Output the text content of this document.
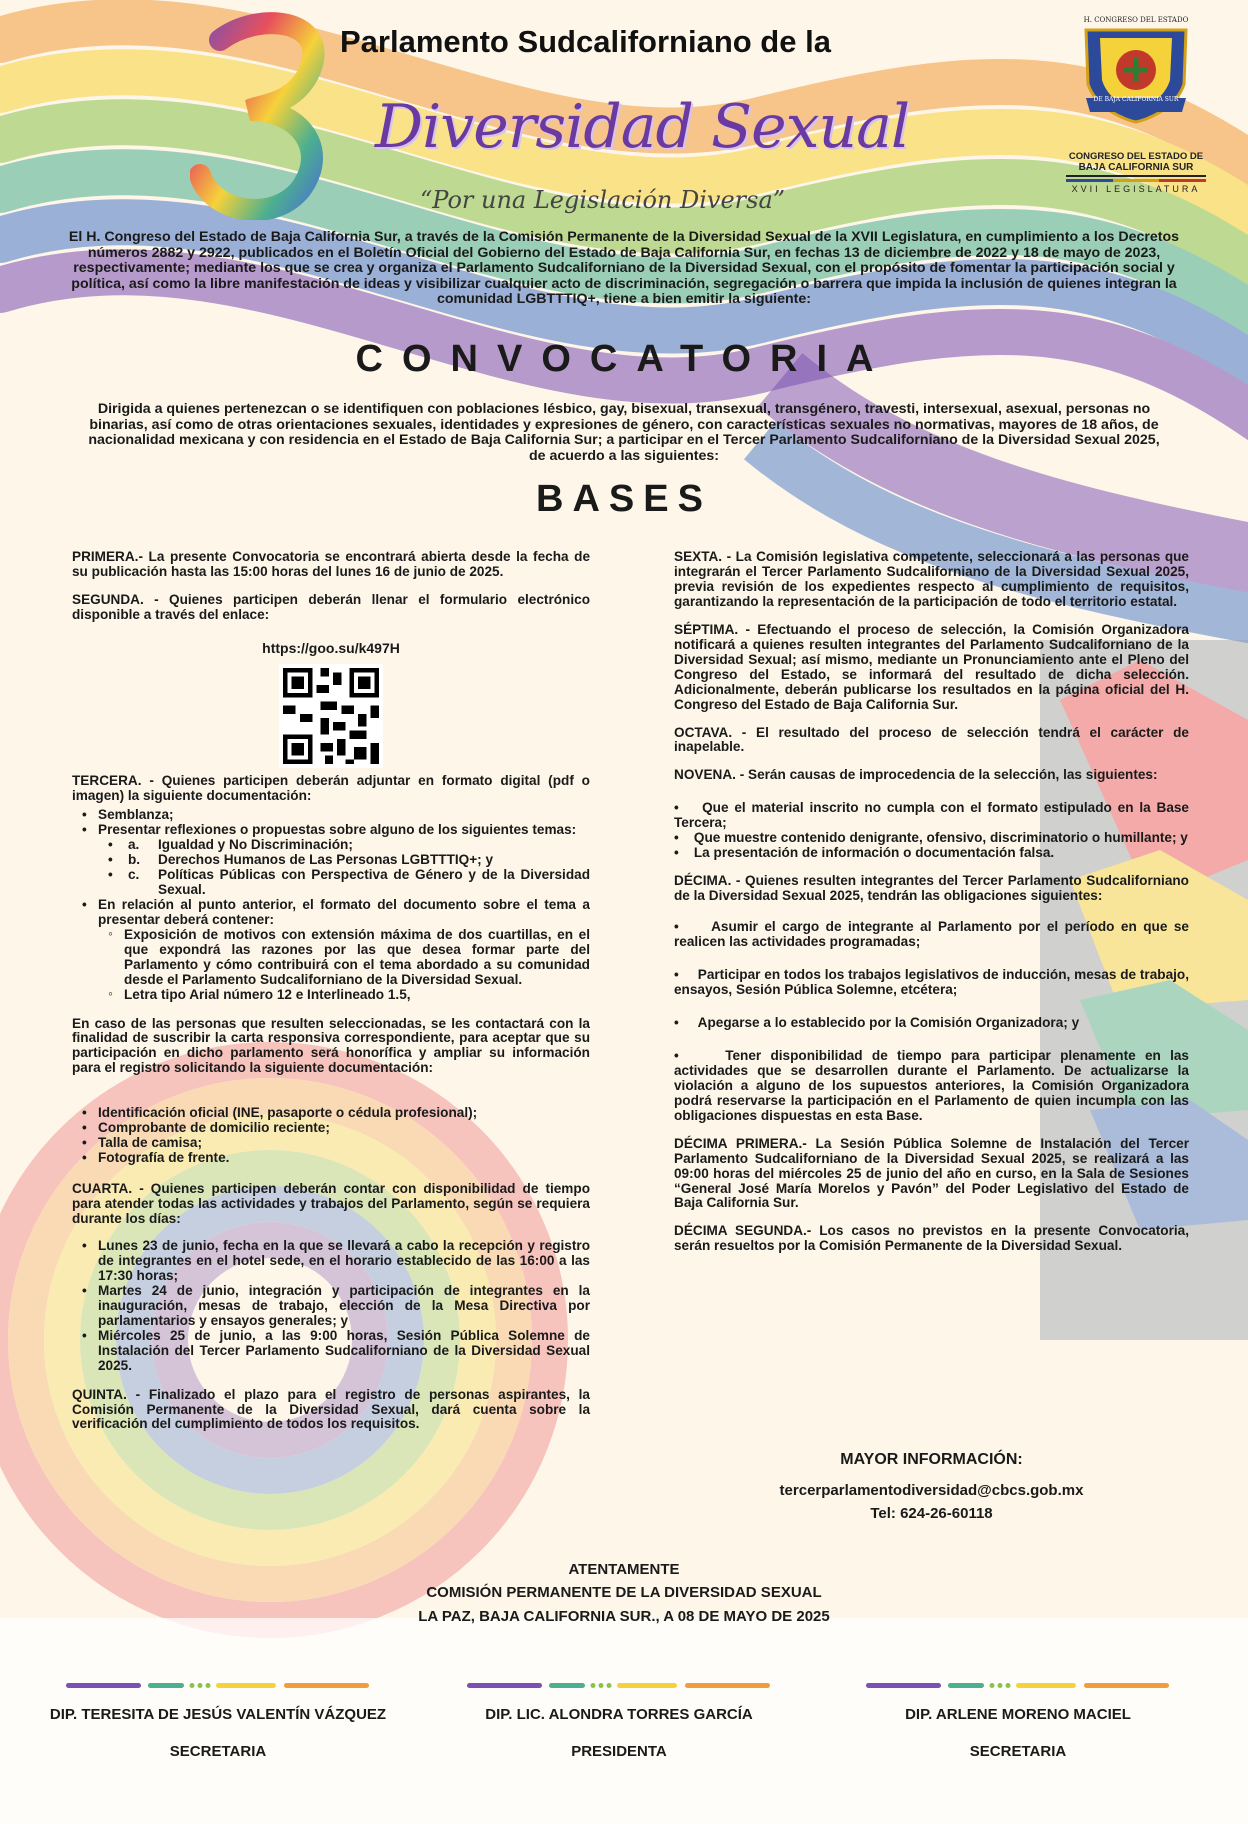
Parlamento Sudcaliforniano de la
Diversidad Sexual
“Por una Legislación Diversa”
H. CONGRESO DEL ESTADO
DE BAJA CALIFORNIA SUR
CONGRESO DEL ESTADO DE
BAJA CALIFORNIA SUR
XVII LEGISLATURA
El H. Congreso del Estado de Baja California Sur, a través de la Comisión Permanente de la Diversidad Sexual de la XVII Legislatura, en cumplimiento a los Decretos números 2882 y 2922, publicados en el Boletín Oficial del Gobierno del Estado de Baja California Sur, en fechas 13 de diciembre de 2022 y 18 de mayo de 2023, respectivamente; mediante los que se crea y organiza el Parlamento Sudcaliforniano de la Diversidad Sexual, con el propósito de fomentar la participación social y política, así como la libre manifestación de ideas y visibilizar cualquier acto de discriminación, segregación o barrera que impida la inclusión de quienes integran la comunidad LGBTTTIQ+, tiene a bien emitir la siguiente:
CONVOCATORIA
Dirigida a quienes pertenezcan o se identifiquen con poblaciones lésbico, gay, bisexual, transexual, transgénero, travesti, intersexual, asexual, personas no binarias, así como de otras orientaciones sexuales, identidades y expresiones de género, con características sexuales no normativas, mayores de 18 años, de nacionalidad mexicana y con residencia en el Estado de Baja California Sur; a participar en el Tercer Parlamento Sudcaliforniano de la Diversidad Sexual 2025, de acuerdo a las siguientes:
BASES

PRIMERA.- La presente Convocatoria se encontrará abierta desde la fecha de su publicación hasta las 15:00 horas del lunes 16 de junio de 2025.

SEGUNDA. - Quienes participen deberán llenar el formulario electrónico disponible a través del enlace:

https://goo.su/k497H

TERCERA. - Quienes participen deberán adjuntar en formato digital (pdf o imagen) la siguiente documentación:

• Semblanza;
• Presentar reflexiones o propuestas sobre alguno de los siguientes temas:
• a. Igualdad y No Discriminación;
• b. Derechos Humanos de Las Personas LGBTTTIQ+; y
• c. Políticas Públicas con Perspectiva de Género y de la Diversidad Sexual.
• En relación al punto anterior, el formato del documento sobre el tema a presentar deberá contener:
◦ Exposición de motivos con extensión máxima de dos cuartillas, en el que expondrá las razones por las que desea formar parte del Parlamento y cómo contribuirá con el tema abordado a su comunidad desde el Parlamento Sudcaliforniano de la Diversidad Sexual.
◦ Letra tipo Arial número 12 e Interlineado 1.5,

En caso de las personas que resulten seleccionadas, se les contactará con la finalidad de suscribir la carta responsiva correspondiente, para aceptar que su participación en dicho parlamento será honorífica y ampliar su información para el registro solicitando la siguiente documentación:

• Identificación oficial (INE, pasaporte o cédula profesional);
• Comprobante de domicilio reciente;
• Talla de camisa;
• Fotografía de frente.

CUARTA. - Quienes participen deberán contar con disponibilidad de tiempo para atender todas las actividades y trabajos del Parlamento, según se requiera durante los días:

• Lunes 23 de junio, fecha en la que se llevará a cabo la recepción y registro de integrantes en el hotel sede, en el horario establecido de las 16:00 a las 17:30 horas;
• Martes 24 de junio, integración y participación de integrantes en la inauguración, mesas de trabajo, elección de la Mesa Directiva por parlamentarios y ensayos generales; y
• Miércoles 25 de junio, a las 9:00 horas, Sesión Pública Solemne de Instalación del Tercer Parlamento Sudcaliforniano de la Diversidad Sexual 2025.

QUINTA. - Finalizado el plazo para el registro de personas aspirantes, la Comisión Permanente de la Diversidad Sexual, dará cuenta sobre la verificación del cumplimiento de todos los requisitos.

SEXTA. - La Comisión legislativa competente, seleccionará a las personas que integrarán el Tercer Parlamento Sudcaliforniano de la Diversidad Sexual 2025, previa revisión de los expedientes respecto al cumplimiento de requisitos, garantizando la representación de la participación de todo el territorio estatal.

SÉPTIMA. - Efectuando el proceso de selección, la Comisión Organizadora notificará a quienes resulten integrantes del Parlamento Sudcaliforniano de la Diversidad Sexual; así mismo, mediante un Pronunciamiento ante el Pleno del Congreso del Estado, se informará del resultado de dicha selección. Adicionalmente, deberán publicarse los resultados en la página oficial del H. Congreso del Estado de Baja California Sur.

OCTAVA. - El resultado del proceso de selección tendrá el carácter de inapelable.

NOVENA. - Serán causas de improcedencia de la selección, las siguientes:

•    Que el material inscrito no cumpla con el formato estipulado en la Base Tercera;

•    Que muestre contenido denigrante, ofensivo, discriminatorio o humillante; y

•    La presentación de información o documentación falsa.

DÉCIMA. - Quienes resulten integrantes del Tercer Parlamento Sudcaliforniano de la Diversidad Sexual 2025, tendrán las obligaciones siguientes:

•     Asumir el cargo de integrante al Parlamento por el período en que se realicen las actividades programadas;

•     Participar en todos los trabajos legislativos de inducción, mesas de trabajo, ensayos, Sesión Pública Solemne, etcétera;

•     Apegarse a lo establecido por la Comisión Organizadora; y

•     Tener disponibilidad de tiempo para participar plenamente en las actividades que se desarrollen durante el Parlamento. De actualizarse la violación a alguno de los supuestos anteriores, la Comisión Organizadora podrá reservarse la participación en el Parlamento de quien incumpla con las obligaciones dispuestas en esta Base.

DÉCIMA PRIMERA.- La Sesión Pública Solemne de Instalación del Tercer Parlamento Sudcaliforniano de la Diversidad Sexual 2025, se realizará a las 09:00 horas del miércoles 25 de junio del año en curso, en la Sala de Sesiones “General José María Morelos y Pavón” del Poder Legislativo del Estado de Baja California Sur.

DÉCIMA SEGUNDA.- Los casos no previstos en la presente Convocatoria, serán resueltos por la Comisión Permanente de la Diversidad Sexual.

MAYOR INFORMACIÓN:
tercerparlamentodiversidad@cbcs.gob.mx
Tel: 624-26-60118
ATENTAMENTE
COMISIÓN PERMANENTE DE LA DIVERSIDAD SEXUAL
LA PAZ, BAJA CALIFORNIA SUR., A 08 DE MAYO DE 2025
DIP. TERESITA DE JESÚS VALENTÍN VÁZQUEZ
SECRETARIA
DIP. LIC. ALONDRA TORRES GARCÍA
PRESIDENTA
DIP. ARLENE MORENO MACIEL
SECRETARIA
